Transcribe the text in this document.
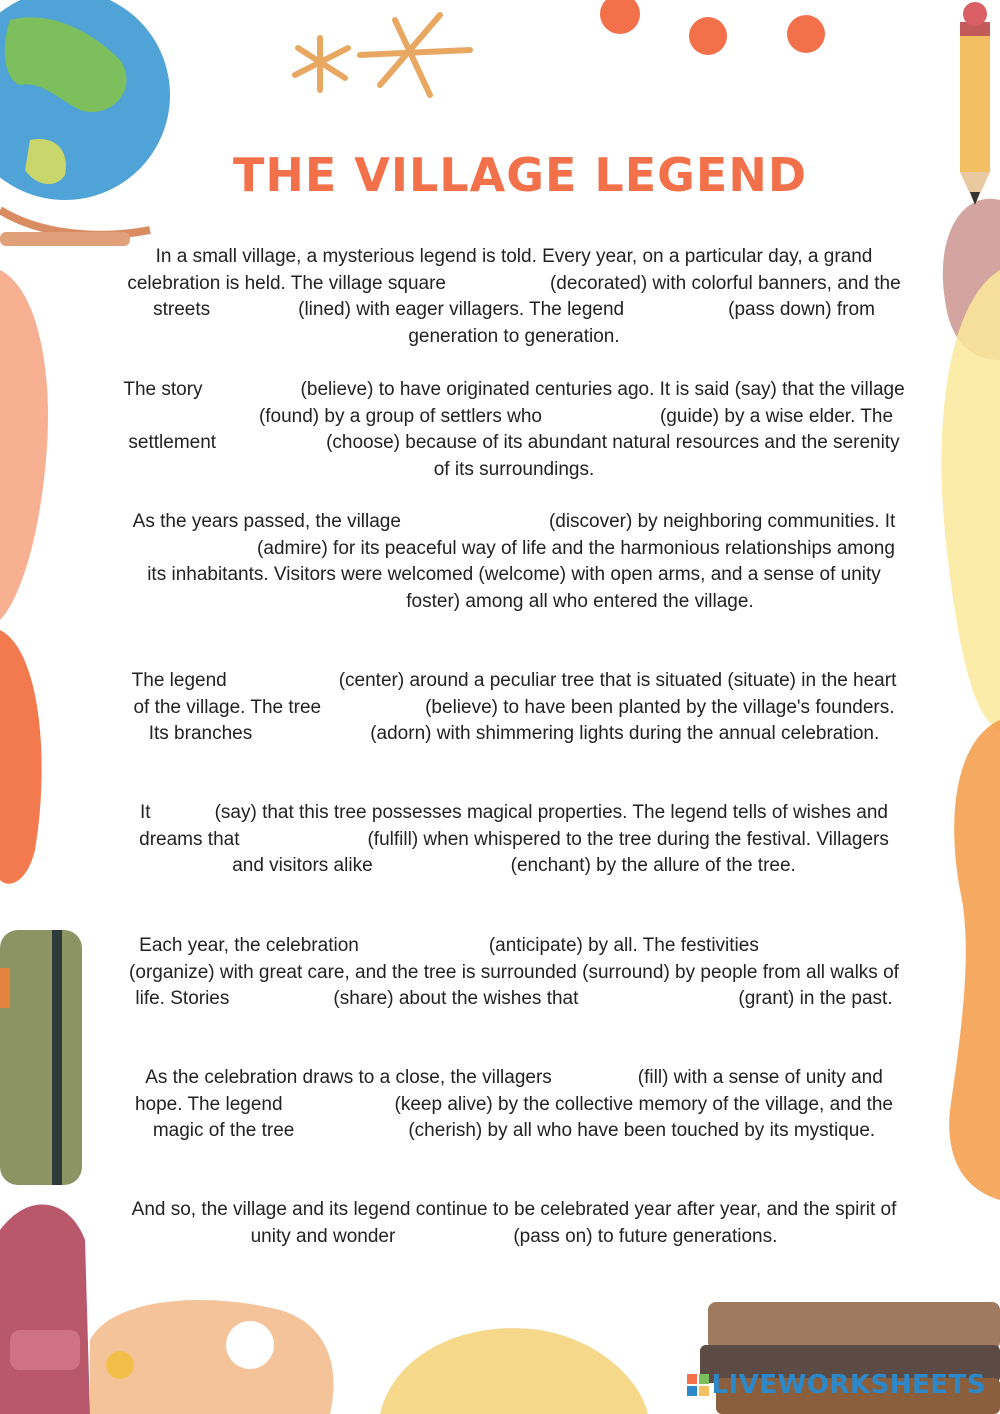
THE VILLAGE LEGEND
In a small village, a mysterious legend is told. Every year, on a particular day, a grand celebration is held. The village square	(decorated) with colorful banners, and the streets	(lined) with eager villagers. The legend	(pass down) from generation to generation.
The story	(believe) to have originated centuries ago. It is said (say) that the village(found) by a group of settlers who	(guide) by a wise elder. The settlement	(choose) because of its abundant natural resources and the serenity of its surroundings.
As the years passed, the village	(discover) by neighboring communities. It(admire) for its peaceful way of life and the harmonious relationships among its inhabitants. Visitors were welcomed (welcome) with open arms, and a sense of unityfoster) among all who entered the village.
The legend	(center) around a peculiar tree that is situated (situate) in the heart of the village. The tree	(believe) to have been planted by the village's founders. Its branches	(adorn) with shimmering lights during the annual celebration.
It	(say) that this tree possesses magical properties. The legend tells of wishes and dreams that	(fulfill) when whispered to the tree during the festival. Villagers and visitors alike	(enchant) by the allure of the tree.
Each year, the celebration	(anticipate) by all. The festivities(organize) with great care, and the tree is surrounded (surround) by people from all walks of life. Stories	(share) about the wishes that	(grant) in the past.
As the celebration draws to a close, the villagers	(fill) with a sense of unity and hope. The legend	(keep alive) by the collective memory of the village, and the magic of the tree	(cherish) by all who have been touched by its mystique.
And so, the village and its legend continue to be celebrated year after year, and the spirit of unity and wonder	(pass on) to future generations.
LIVEWORKSHEETS
